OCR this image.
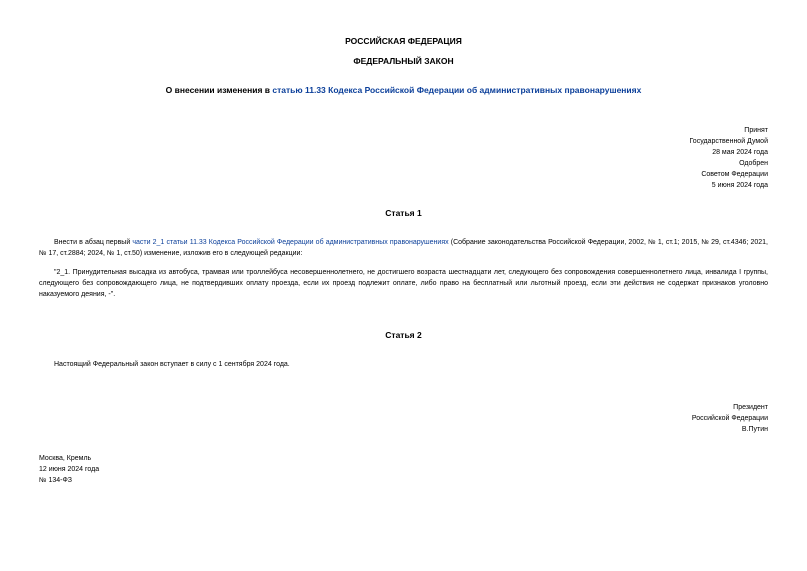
РОССИЙСКАЯ ФЕДЕРАЦИЯ
ФЕДЕРАЛЬНЫЙ ЗАКОН
О внесении изменения в статью 11.33 Кодекса Российской Федерации об административных правонарушениях
Принят
Государственной Думой
28 мая 2024 года
Одобрен
Советом Федерации
5 июня 2024 года
Статья 1
Внести в абзац первый части 2_1 статьи 11.33 Кодекса Российской Федерации об административных правонарушениях (Собрание законодательства Российской Федерации, 2002, № 1, ст.1; 2015, № 29, ст.4346; 2021, № 17, ст.2884; 2024, № 1, ст.50) изменение, изложив его в следующей редакции:
"2_1. Принудительная высадка из автобуса, трамвая или троллейбуса несовершеннолетнего, не достигшего возраста шестнадцати лет, следующего без сопровождения совершеннолетнего лица, инвалида I группы, следующего без сопровождающего лица, не подтвердивших оплату проезда, если их проезд подлежит оплате, либо право на бесплатный или льготный проезд, если эти действия не содержат признаков уголовно наказуемого деяния, -".
Статья 2
Настоящий Федеральный закон вступает в силу с 1 сентября 2024 года.
Президент
Российской Федерации
В.Путин
Москва, Кремль
12 июня 2024 года
№ 134-ФЗ
